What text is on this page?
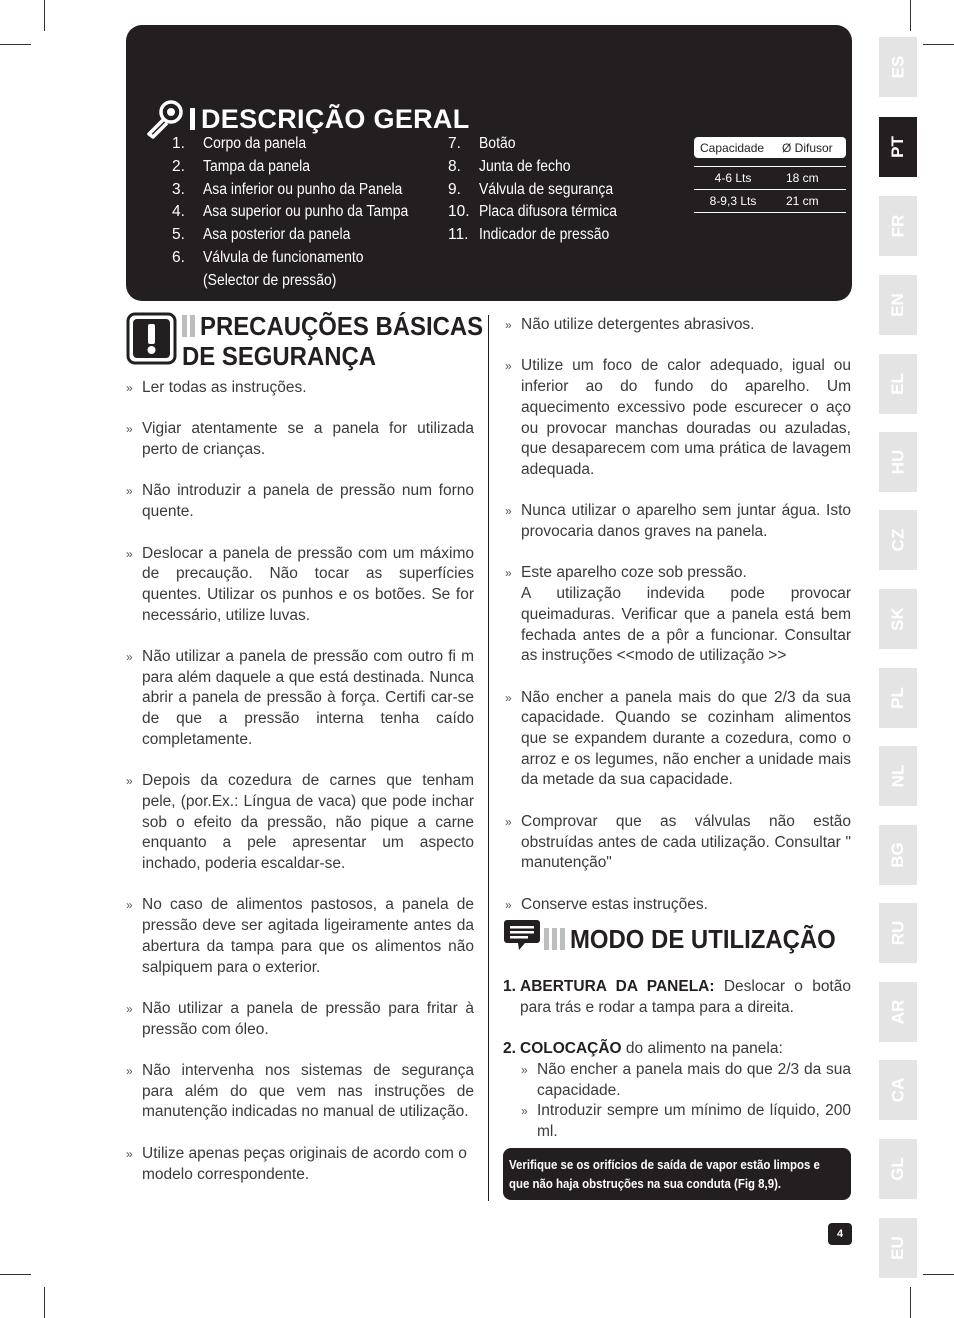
DESCRIÇÃO GERAL
1.	Corpo da panela
2.	Tampa da panela
3.	Asa inferior ou punho da Panela
4.	Asa superior ou punho da Tampa
5.	Asa posterior da panela
6.	Válvula de funcionamento
(Selector de pressão)
7.	Botão
8.	Junta de fecho
9.	Válvula de segurança
10. Placa difusora térmica
11. Indicador de pressão
Capacidade	Ø Difusor
4-6 Lts	18 cm
8-9,3 Lts	21 cm
ES
PT
FR
EN
EL
HU
CZ
SK
PL
NL
BG
RU
AR
CA
GL
EU
PRECAUÇÕES BÁSICAS
DE SEGURANÇA
» Ler todas as instruções.
» Vigiar atentamente se a panela for utilizada perto de crianças.
» Não introduzir a panela de pressão num forno quente.
» Deslocar a panela de pressão com um máximo de precaução. Não tocar as superfícies quentes. Utilizar os punhos e os botões. Se for necessário, utilize luvas.
» Não utilizar a panela de pressão com outro fi m para além daquele a que está destinada. Nunca abrir a panela de pressão à força. Certifi car-se de que a pressão interna tenha caído completamente.
» Depois da cozedura de carnes que tenham pele, (por.Ex.: Língua de vaca) que pode inchar sob o efeito da pressão, não pique a carne enquanto a pele apresentar um aspecto inchado, poderia escaldar-se.
» No caso de alimentos pastosos, a panela de pressão deve ser agitada ligeiramente antes da abertura da tampa para que os alimentos não salpiquem para o exterior.
» Não utilizar a panela de pressão para fritar à pressão com óleo.
» Não intervenha nos sistemas de segurança para além do que vem nas instruções de manutenção indicadas no manual de utilização.
» Utilize apenas peças originais de acordo com o modelo correspondente.
» Não utilize detergentes abrasivos.
» Utilize um foco de calor adequado, igual ou inferior ao do fundo do aparelho. Um aquecimento excessivo pode escurecer o aço ou provocar manchas douradas ou azuladas, que desaparecem com uma prática de lavagem adequada.
» Nunca utilizar o aparelho sem juntar água. Isto provocaria danos graves na panela.
» Este aparelho coze sob pressão.
A utilização indevida pode provocar queimaduras. Verificar que a panela está bem fechada antes de a pôr a funcionar. Consultar as instruções <<modo de utilização >>
» Não encher a panela mais do que 2/3 da sua capacidade. Quando se cozinham alimentos que se expandem durante a cozedura, como o arroz e os legumes, não encher a unidade mais da metade da sua capacidade.
» Comprovar que as válvulas não estão obstruídas antes de cada utilização. Consultar " manutenção"
» Conserve estas instruções.
MODO DE UTILIZAÇÃO
1. ABERTURA DA PANELA: Deslocar o botão para trás e rodar a tampa para a direita.
2. COLOCAÇÃO do alimento na panela:
» Não encher a panela mais do que 2/3 da sua capacidade.
» Introduzir sempre um mínimo de líquido, 200 ml.
Verifique se os orifícios de saída de vapor estão limpos e que não haja obstruções na sua conduta (Fig 8,9).
4
